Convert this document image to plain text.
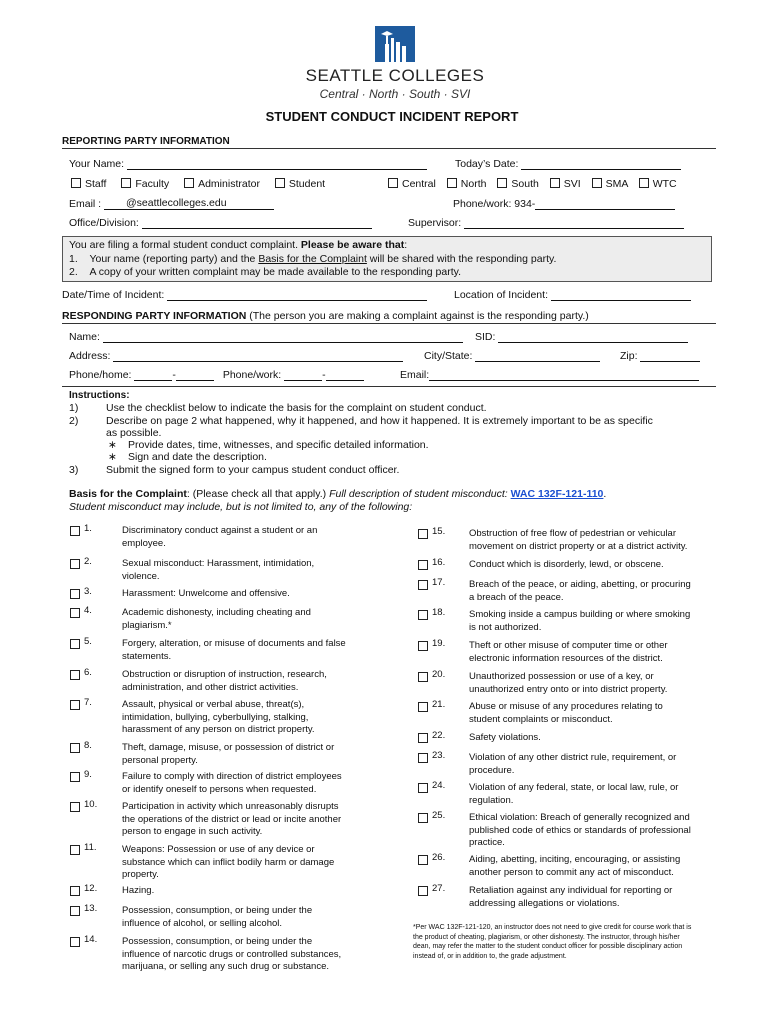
SEATTLE COLLEGES
Central · North · South · SVI
STUDENT CONDUCT INCIDENT REPORT
REPORTING PARTY INFORMATION
Your Name:	Today’s Date:
Staff	Faculty	Administrator	Student	Central North South SVI SMA WTC
Email : @seattlecolleges.edu	Phone/work: 934-
Office/Division:	Supervisor:
You are filing a formal student conduct complaint. Please be aware that:
1. Your name (reporting party) and the Basis for the Complaint will be shared with the responding party.
2. A copy of your written complaint may be made available to the responding party.
Date/Time of Incident:	Location of Incident:
RESPONDING PARTY INFORMATION (The person you are making a complaint against is the responding party.)
Name:	SID:
Address:	City/State:	Zip:
Phone/home:	-	Phone/work:	-	Email:
Instructions:
1)	Use the checklist below to indicate the basis for the complaint on student conduct.
2)	Describe on page 2 what happened, why it happened, and how it happened. It is extremely important to be as specific
as possible.
∗ Provide dates, time, witnesses, and specific detailed information.
∗ Sign and date the description.
3)	Submit the signed form to your campus student conduct officer.
Basis for the Complaint: (Please check all that apply.) Full description of student misconduct: WAC 132F-121-110.
Student misconduct may include, but is not limited to, any of the following:
1.	Discriminatory conduct against a student or an
employee.
2.	Sexual misconduct: Harassment, intimidation,
violence.
3.	Harassment: Unwelcome and offensive.
4.	Academic dishonesty, including cheating and
plagiarism.*
5.	Forgery, alteration, or misuse of documents and false
statements.
6.	Obstruction or disruption of instruction, research,
administration, and other district activities.
7.	Assault, physical or verbal abuse, threat(s),
intimidation, bullying, cyberbullying, stalking,
harassment of any person on district property.
8.	Theft, damage, misuse, or possession of district or
personal property.
9.	Failure to comply with direction of district employees
or identify oneself to persons when requested.
10.	Participation in activity which unreasonably disrupts
the operations of the district or lead or incite another
person to engage in such activity.
11.	Weapons: Possession or use of any device or
substance which can inflict bodily harm or damage
property.
12.	Hazing.
13.	Possession, consumption, or being under the
influence of alcohol, or selling alcohol.
14.	Possession, consumption, or being under the
influence of narcotic drugs or controlled substances,
marijuana, or selling any such drug or substance.
15.	Obstruction of free flow of pedestrian or vehicular
movement on district property or at a district activity.
16.	Conduct which is disorderly, lewd, or obscene.
17.	Breach of the peace, or aiding, abetting, or procuring
a breach of the peace.
18.	Smoking inside a campus building or where smoking
is not authorized.
19.	Theft or other misuse of computer time or other
electronic information resources of the district.
20.	Unauthorized possession or use of a key, or
unauthorized entry onto or into district property.
21.	Abuse or misuse of any procedures relating to
student complaints or misconduct.
22.	Safety violations.
23.	Violation of any other district rule, requirement, or
procedure.
24.	Violation of any federal, state, or local law, rule, or
regulation.
25.	Ethical violation: Breach of generally recognized and
published code of ethics or standards of professional
practice.
26.	Aiding, abetting, inciting, encouraging, or assisting
another person to commit any act of misconduct.
27.	Retaliation against any individual for reporting or
addressing allegations or violations.
*Per WAC 132F-121-120, an instructor does not need to give credit for course work that is
the product of cheating, plagiarism, or other dishonesty. The instructor, through his/her
dean, may refer the matter to the student conduct officer for possible disciplinary action
instead of, or in addition to, the grade adjustment.
